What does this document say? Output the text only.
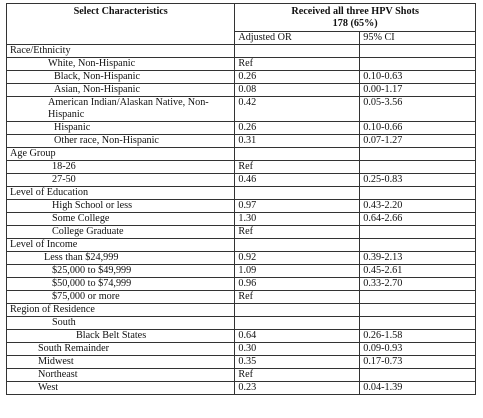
Select Characteristics	Received all three HPV Shots
178 (65%)	

	Adjusted OR	95% CI
Race/Ethnicity		
White, Non-Hispanic	Ref	
Black, Non-Hispanic	0.26	0.10-0.63
Asian, Non-Hispanic	0.08	0.00-1.17
American Indian/Alaskan Native, Non-Hispanic	0.42	0.05-3.56
Hispanic	0.26	0.10-0.66
Other race, Non-Hispanic	0.31	0.07-1.27
Age Group		
18-26	Ref	
27-50	0.46	0.25-0.83
Level of Education		
High School or less	0.97	0.43-2.20
Some College	1.30	0.64-2.66
College Graduate	Ref	
Level of Income		
Less than $24,999	0.92	0.39-2.13
$25,000 to $49,999	1.09	0.45-2.61
$50,000 to $74,999	0.96	0.33-2.70
$75,000 or more	Ref	
Region of Residence		
South		
Black Belt States	0.64	0.26-1.58
South Remainder	0.30	0.09-0.93
Midwest	0.35	0.17-0.73
Northeast	Ref	
West	0.23	0.04-1.39
